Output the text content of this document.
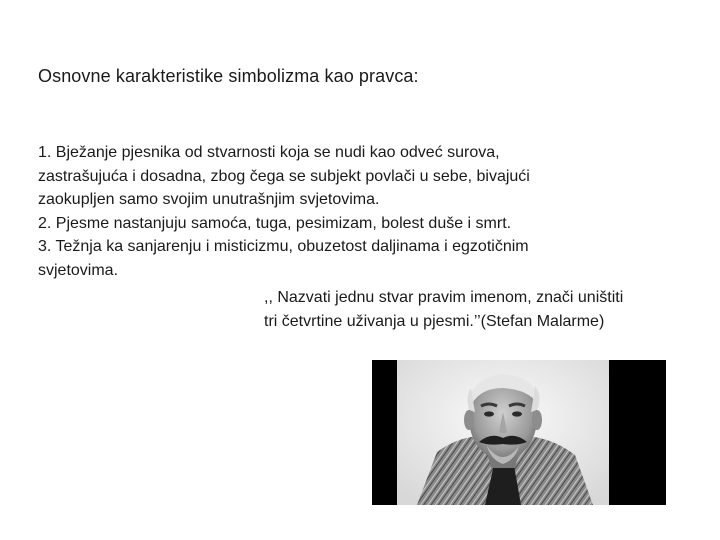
Osnovne karakteristike simbolizma kao pravca:

1. Bježanje pjesnika od stvarnosti koja se nudi kao odveć surova,

zastrašujuća i dosadna, zbog čega se subjekt povlači u sebe, bivajući

zaokupljen samo svojim unutrašnjim svjetovima.

2. Pjesme nastanjuju samoća, tuga, pesimizam, bolest duše i smrt.

3. Težnja ka sanjarenju i misticizmu, obuzetost daljinama i egzotičnim

svjetovima.

,, Nazvati jednu stvar pravim imenom, znači uništiti

tri četvrtine uživanja u pjesmi.’’(Stefan Malarme)
